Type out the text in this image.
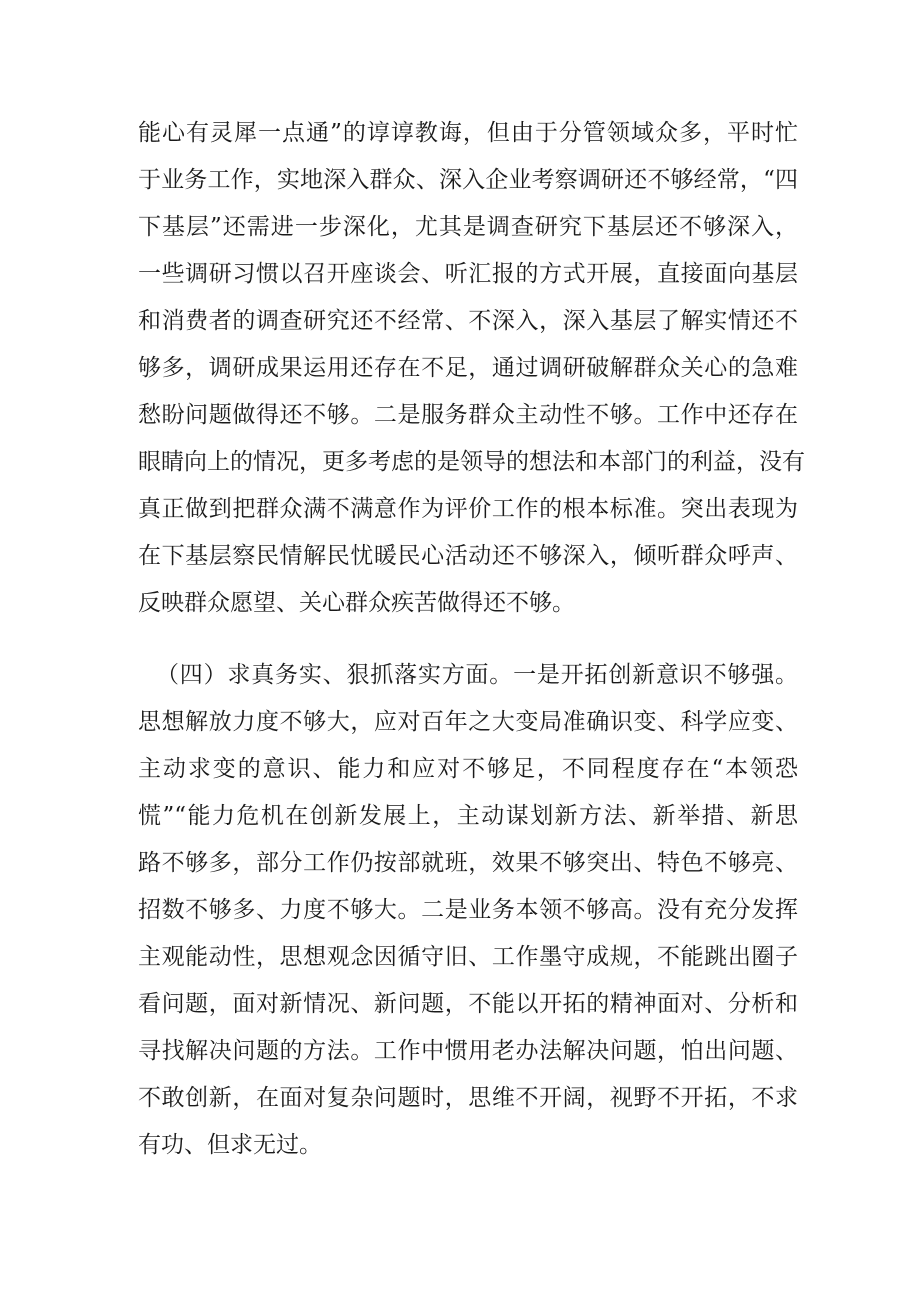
能心有灵犀一点通”的谆谆教诲，但由于分管领域众多，平时忙
于业务工作，实地深入群众、深入企业考察调研还不够经常，“四
下基层”还需进一步深化，尤其是调查研究下基层还不够深入，
一些调研习惯以召开座谈会、听汇报的方式开展，直接面向基层
和消费者的调查研究还不经常、不深入，深入基层了解实情还不
够多，调研成果运用还存在不足，通过调研破解群众关心的急难
愁盼问题做得还不够。二是服务群众主动性不够。工作中还存在
眼睛向上的情况，更多考虑的是领导的想法和本部门的利益，没有
真正做到把群众满不满意作为评价工作的根本标准。突出表现为
在下基层察民情解民忧暖民心活动还不够深入，倾听群众呼声、
反映群众愿望、关心群众疾苦做得还不够。
（四）求真务实、狠抓落实方面。一是开拓创新意识不够强。
思想解放力度不够大，应对百年之大变局准确识变、科学应变、
主动求变的意识、能力和应对不够足，不同程度存在“本领恐
慌”“能力危机在创新发展上，主动谋划新方法、新举措、新思
路不够多，部分工作仍按部就班，效果不够突出、特色不够亮、
招数不够多、力度不够大。二是业务本领不够高。没有充分发挥
主观能动性，思想观念因循守旧、工作墨守成规，不能跳出圈子
看问题，面对新情况、新问题，不能以开拓的精神面对、分析和
寻找解决问题的方法。工作中惯用老办法解决问题，怕出问题、
不敢创新，在面对复杂问题时，思维不开阔，视野不开拓，不求
有功、但求无过。
